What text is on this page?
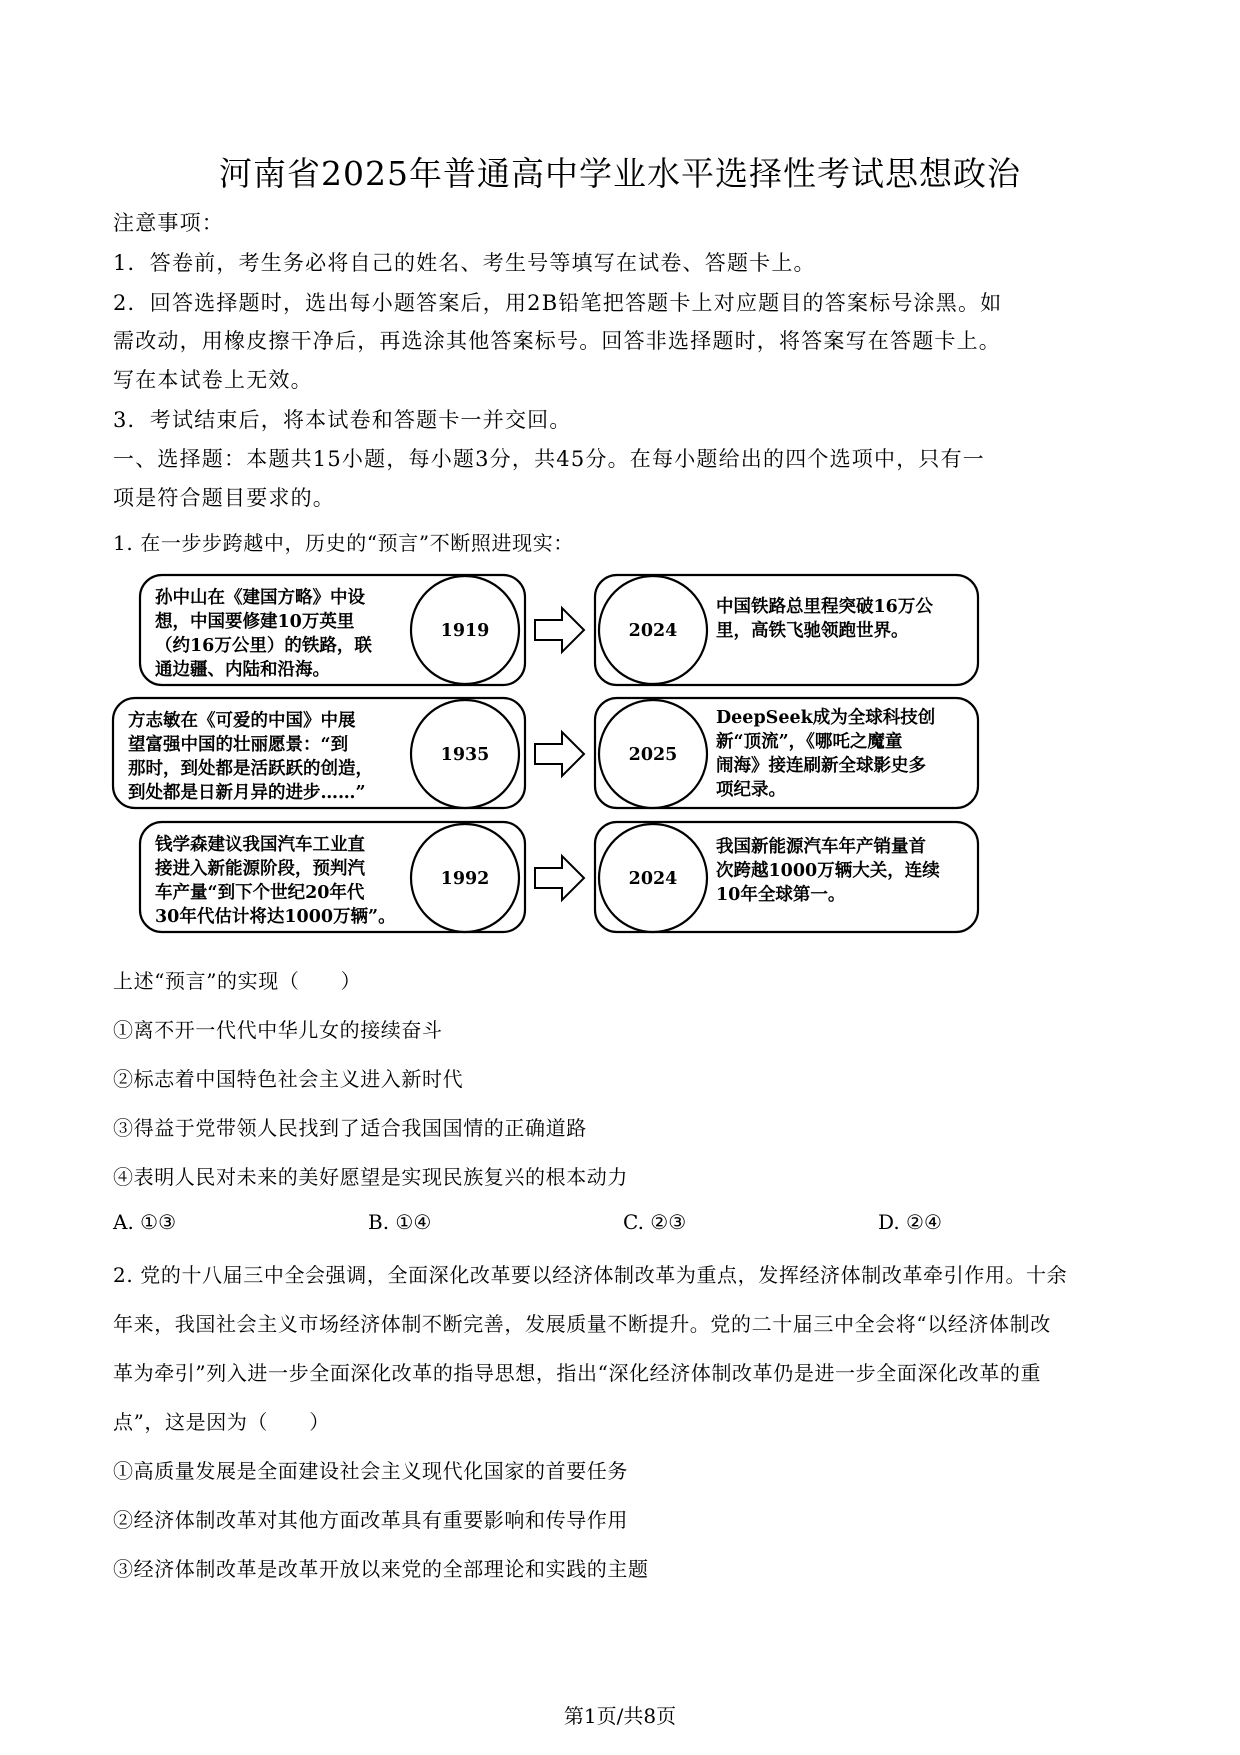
河南省2025年普通高中学业水平选择性考试思想政治
注意事项：
1．答卷前，考生务必将自己的姓名、考生号等填写在试卷、答题卡上。
2．回答选择题时，选出每小题答案后，用2B铅笔把答题卡上对应题目的答案标号涂黑。如
需改动，用橡皮擦干净后，再选涂其他答案标号。回答非选择题时，将答案写在答题卡上。
写在本试卷上无效。
3．考试结束后，将本试卷和答题卡一并交回。
一、选择题：本题共15小题，每小题3分，共45分。在每小题给出的四个选项中，只有一
项是符合题目要求的。
1. 在一步步跨越中，历史的“预言”不断照进现实：
1919
孙中山在《建国方略》中设
想，中国要修建10万英里
（约16万公里）的铁路，联
通边疆、内陆和沿海。
2024
中国铁路总里程突破16万公
里，高铁飞驰领跑世界。
1935
方志敏在《可爱的中国》中展
望富强中国的壮丽愿景：“到
那时，到处都是活跃跃的创造，
到处都是日新月异的进步……”
2025
DeepSeek成为全球科技创
新“顶流”，《哪吒之魔童
闹海》接连刷新全球影史多
项纪录。
1992
钱学森建议我国汽车工业直
接进入新能源阶段，预判汽
车产量“到下个世纪20年代
30年代估计将达1000万辆”。
2024
我国新能源汽车年产销量首
次跨越1000万辆大关，连续
10年全球第一。
上述“预言”的实现（　　）
①离不开一代代中华儿女的接续奋斗
②标志着中国特色社会主义进入新时代
③得益于党带领人民找到了适合我国国情的正确道路
④表明人民对未来的美好愿望是实现民族复兴的根本动力
A. ①③	B. ①④	C. ②③	D. ②④
2. 党的十八届三中全会强调，全面深化改革要以经济体制改革为重点，发挥经济体制改革牵引作用。十余
年来，我国社会主义市场经济体制不断完善，发展质量不断提升。党的二十届三中全会将“以经济体制改
革为牵引”列入进一步全面深化改革的指导思想，指出“深化经济体制改革仍是进一步全面深化改革的重
点”，这是因为（　　）
①高质量发展是全面建设社会主义现代化国家的首要任务
②经济体制改革对其他方面改革具有重要影响和传导作用
③经济体制改革是改革开放以来党的全部理论和实践的主题
第1页/共8页
